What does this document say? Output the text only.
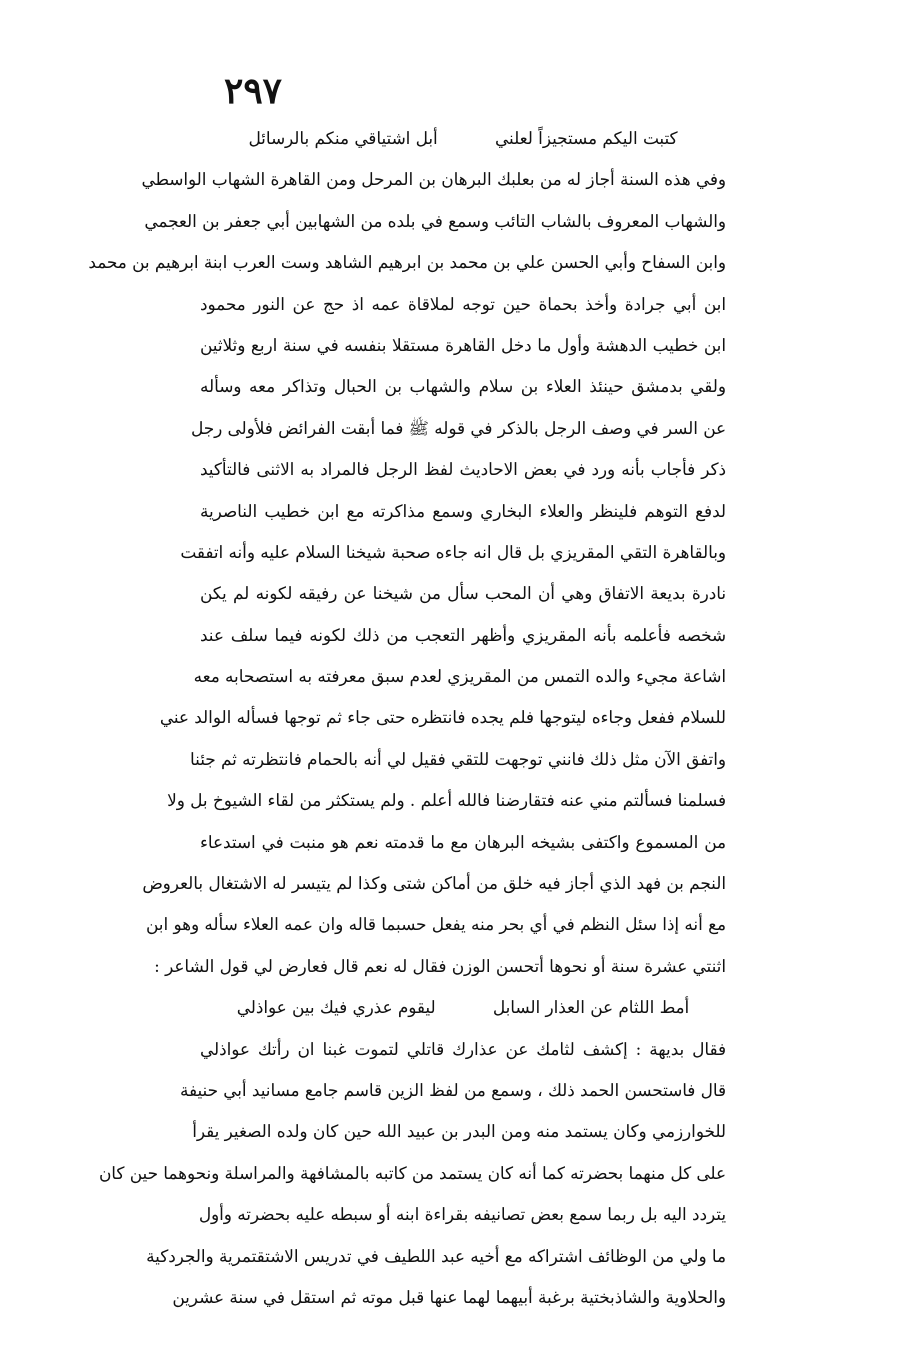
٢٩٧
كتبت اليكم مستجيزاً لعلني أبل اشتياقي منكم بالرسائل
وفي هذه السنة أجاز له من بعلبك البرهان بن المرحل ومن القاهرة الشهاب الواسطي
والشهاب المعروف بالشاب التائب وسمع في بلده من الشهابين أبي جعفر بن العجمي
وابن السفاح وأبي الحسن علي بن محمد بن ابرهيم الشاهد وست العرب ابنة ابرهيم بن محمد
ابن أبي جرادة وأخذ بحماة حين توجه لملاقاة عمه اذ حج عن النور محمود
ابن خطيب الدهشة وأول ما دخل القاهرة مستقلا بنفسه في سنة اربع وثلاثين
ولقي بدمشق حينئذ العلاء بن سلام والشهاب بن الحبال وتذاكر معه وسأله
عن السر في وصف الرجل بالذكر في قوله ﷺ فما أبقت الفرائض فلأولى رجل
ذكر فأجاب بأنه ورد في بعض الاحاديث لفظ الرجل فالمراد به الاثنى فالتأكيد
لدفع التوهم فلينظر والعلاء البخاري وسمع مذاكرته مع ابن خطيب الناصرية
وبالقاهرة التقي المقريزي بل قال انه جاءه صحبة شيخنا السلام عليه وأنه اتفقت
نادرة بديعة الاتفاق وهي أن المحب سأل من شيخنا عن رفيقه لكونه لم يكن
شخصه فأعلمه بأنه المقريزي وأظهر التعجب من ذلك لكونه فيما سلف عند
اشاعة مجيء والده التمس من المقريزي لعدم سبق معرفته به استصحابه معه
للسلام ففعل وجاءه ليتوجها فلم يجده فانتظره حتى جاء ثم توجها فسأله الوالد عني
واتفق الآن مثل ذلك فانني توجهت للتقي فقيل لي أنه بالحمام فانتظرته ثم جئنا
فسلمنا فسألتم مني عنه فتقارضنا فالله أعلم . ولم يستكثر من لقاء الشيوخ بل ولا
من المسموع واكتفى بشيخه البرهان مع ما قدمته نعم هو منبت في استدعاء
النجم بن فهد الذي أجاز فيه خلق من أماكن شتى وكذا لم يتيسر له الاشتغال بالعروض
مع أنه إذا سئل النظم في أي بحر منه يفعل حسبما قاله وان عمه العلاء سأله وهو ابن
اثنتي عشرة سنة أو نحوها أتحسن الوزن فقال له نعم قال فعارض لي قول الشاعر :
أمط اللثام عن العذار السابل ليقوم عذري فيك بين عواذلي
فقال بديهة : إكشف لثامك عن عذارك قاتلي لتموت غبنا ان رأتك عواذلي
قال فاستحسن الحمد ذلك ، وسمع من لفظ الزين قاسم جامع مسانيد أبي حنيفة
للخوارزمي وكان يستمد منه ومن البدر بن عبيد الله حين كان ولده الصغير يقرأ
على كل منهما بحضرته كما أنه كان يستمد من كاتبه بالمشافهة والمراسلة ونحوهما حين كان
يتردد اليه بل ربما سمع بعض تصانيفه بقراءة ابنه أو سبطه عليه بحضرته وأول
ما ولي من الوظائف اشتراكه مع أخيه عبد اللطيف في تدريس الاشتقتمرية والجردكية
والحلاوية والشاذبختية برغبة أبيهما لهما عنها قبل موته ثم استقل في سنة عشرين
